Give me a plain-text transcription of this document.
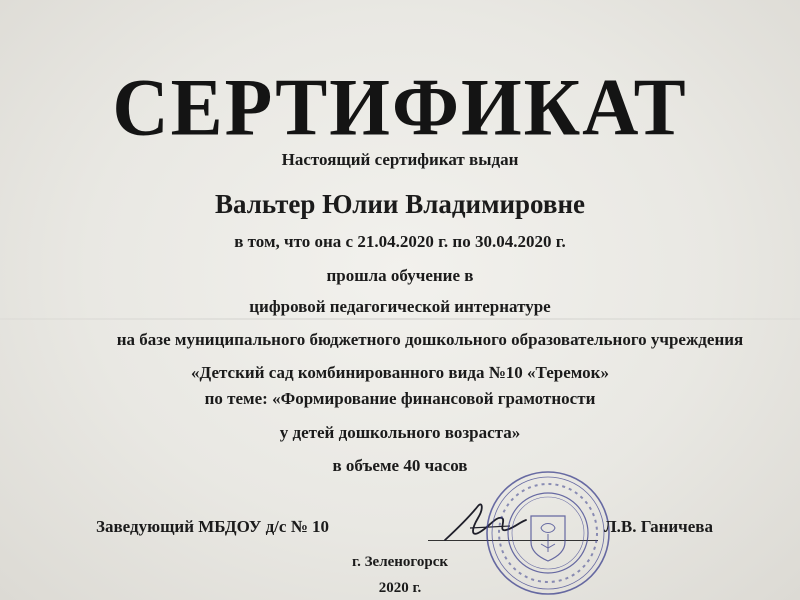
СЕРТИФИКАТ
Настоящий сертификат выдан
Вальтер Юлии Владимировне
в том, что она с 21.04.2020 г. по 30.04.2020 г.
прошла обучение в
цифровой педагогической интернатуре
на базе муниципального бюджетного дошкольного образовательного учреждения
«Детский сад комбинированного вида №10 «Теремок»
по теме: «Формирование финансовой грамотности
у детей дошкольного возраста»
в объеме 40 часов
Заведующий МБДОУ д/с № 10	Л.В. Ганичева
г. Зеленогорск
2020 г.
